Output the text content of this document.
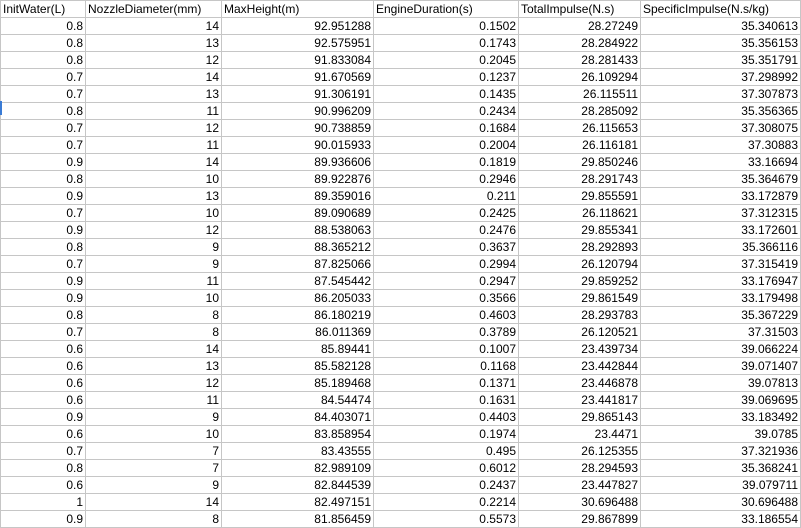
InitWater(L)	NozzleDiameter(mm)	MaxHeight(m)	EngineDuration(s)	TotalImpulse(N.s)	SpecificImpulse(N.s/kg)
0.8	14	92.951288	0.1502	28.27249	35.340613
0.8	13	92.575951	0.1743	28.284922	35.356153
0.8	12	91.833084	0.2045	28.281433	35.351791
0.7	14	91.670569	0.1237	26.109294	37.298992
0.7	13	91.306191	0.1435	26.115511	37.307873
0.8	11	90.996209	0.2434	28.285092	35.356365
0.7	12	90.738859	0.1684	26.115653	37.308075
0.7	11	90.015933	0.2004	26.116181	37.30883
0.9	14	89.936606	0.1819	29.850246	33.16694
0.8	10	89.922876	0.2946	28.291743	35.364679
0.9	13	89.359016	0.211	29.855591	33.172879
0.7	10	89.090689	0.2425	26.118621	37.312315
0.9	12	88.538063	0.2476	29.855341	33.172601
0.8	9	88.365212	0.3637	28.292893	35.366116
0.7	9	87.825066	0.2994	26.120794	37.315419
0.9	11	87.545442	0.2947	29.859252	33.176947
0.9	10	86.205033	0.3566	29.861549	33.179498
0.8	8	86.180219	0.4603	28.293783	35.367229
0.7	8	86.011369	0.3789	26.120521	37.31503
0.6	14	85.89441	0.1007	23.439734	39.066224
0.6	13	85.582128	0.1168	23.442844	39.071407
0.6	12	85.189468	0.1371	23.446878	39.07813
0.6	11	84.54474	0.1631	23.441817	39.069695
0.9	9	84.403071	0.4403	29.865143	33.183492
0.6	10	83.858954	0.1974	23.4471	39.0785
0.7	7	83.43555	0.495	26.125355	37.321936
0.8	7	82.989109	0.6012	28.294593	35.368241
0.6	9	82.844539	0.2437	23.447827	39.079711
1	14	82.497151	0.2214	30.696488	30.696488
0.9	8	81.856459	0.5573	29.867899	33.186554
